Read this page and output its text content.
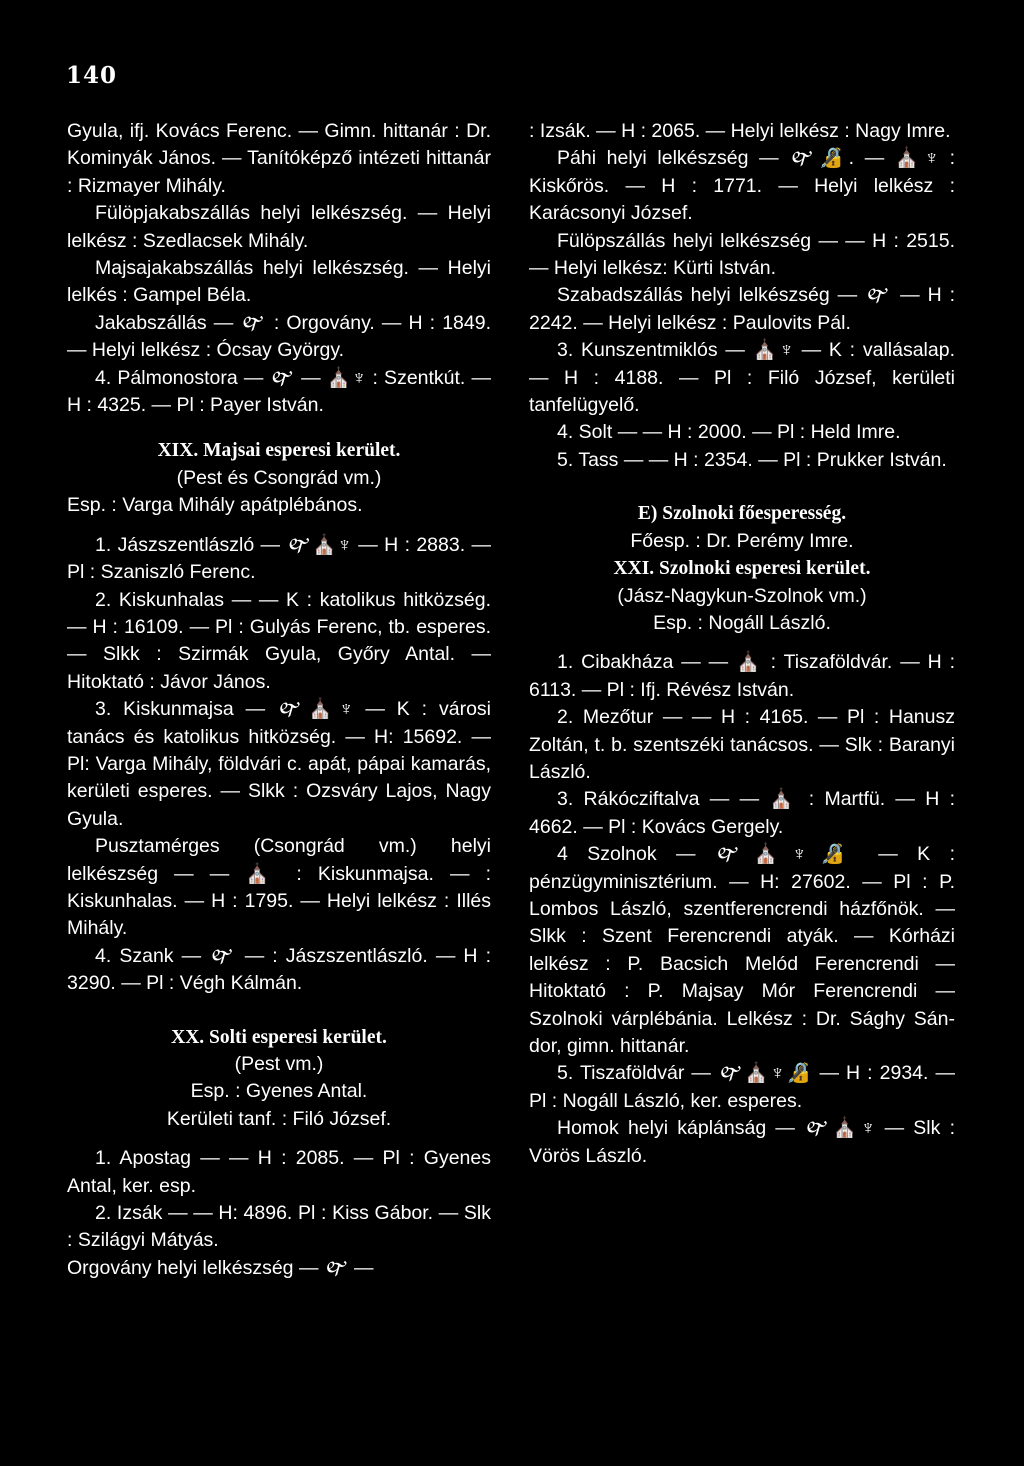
140

Gyula, ifj. Kovács Ferenc. — Gimn. hittanár : Dr. Kominyák János. — Tanítóképző intézeti hittanár : Rizmayer Mihály.

Fülöpjakabszállás helyi lelkészség. — Helyi lelkész : Szedlacsek Mihály.

Majsajakabszállás helyi lelkészség. — Helyi lelkés : Gampel Béla.

Jakabszállás — 🙰 : Orgovány. — H : 1849. — Helyi lelkész : Ócsay György.

4. Pálmonostora — 🙰 — ⛪♆ : Szentkút. — H : 4325. — Pl : Payer István.

XIX. Majsai esperesi kerület.

(Pest és Csongrád vm.)

Esp. : Varga Mihály apátplébános.

1. Jászszentlászló — 🙰⛪♆ — H : 2883. — Pl : Szaniszló Ferenc.

2. Kiskunhalas — — K : katolikus hitközség. — H : 16109. — Pl : Gulyás Ferenc, tb. esperes. — Slkk : Szirmák Gyula, Győry Antal. — Hitoktató : Jávor János.

3. Kiskunmajsa — 🙰⛪♆ — K : városi tanács és katolikus hitközség. — H: 15692. — Pl: Varga Mihály, földvári c. apát, pápai kamarás, kerületi esperes. — Slkk : Ozsváry Lajos, Nagy Gyula.

Pusztamérges (Csongrád vm.) helyi lelkészség — — ⛪ : Kiskunmajsa. — : Kiskunhalas. — H : 1795. — Helyi lelkész : Illés Mihály.

4. Szank — 🙰 — : Jászszentlászló. — H : 3290. — Pl : Végh Kálmán.

XX. Solti esperesi kerület.

(Pest vm.)

Esp. : Gyenes Antal.

Kerületi tanf. : Filó József.

1. Apostag — — H : 2085. — Pl : Gyenes Antal, ker. esp.

2. Izsák — — H: 4896. Pl : Kiss Gábor. — Slk : Szilágyi Mátyás.

Orgovány helyi lelkészség — 🙰 —

: Izsák. — H : 2065. — Helyi lelkész : Nagy Imre.

Páhi helyi lelkészség — 🙰🔏. — ⛪♆ : Kiskőrös. — H : 1771. — Helyi lelkész : Karácsonyi József.

Fülöpszállás helyi lelkészség — — H : 2515. — Helyi lelkész: Kürti István.

Szabadszállás helyi lelkészség — 🙰 — H : 2242. — Helyi lelkész : Paulovits Pál.

3. Kunszentmiklós — ⛪♆ — K : vallásalap. — H : 4188. — Pl : Filó József, kerületi tanfelügyelő.

4. Solt — — H : 2000. — Pl : Held Imre.

5. Tass — — H : 2354. — Pl : Prukker István.

E) Szolnoki főesperesség.

Főesp. : Dr. Perémy Imre.

XXI. Szolnoki esperesi kerület.

(Jász-Nagykun-Szolnok vm.)

Esp. : Nogáll László.

1. Cibakháza — — ⛪ : Tiszaföldvár. — H : 6113. — Pl : Ifj. Révész István.

2. Mezőtur — — H : 4165. — Pl : Hanusz Zoltán, t. b. szentszéki tanácsos. — Slk : Baranyi László.

3. Rákócziftalva — — ⛪ : Martfü. — H : 4662. — Pl : Kovács Gergely.

4 Szolnok — 🙰⛪♆🔏 — K : pénzügyminisztérium. — H: 27602. — Pl : P. Lombos László, szentferencrendi házfőnök. — Slkk : Szent Ferencrendi atyák. — Kórházi lelkész : P. Bacsich Melód Ferencrendi — Hitoktató : P. Majsay Mór Ferencrendi — Szolnoki várplébánia. Lelkész : Dr. Sághy Sándor, gimn. hittanár.

5. Tiszaföldvár — 🙰⛪♆🔏 — H : 2934. — Pl : Nogáll László, ker. esperes.

Homok helyi káplánság — 🙰⛪♆ — Slk : Vörös László.
